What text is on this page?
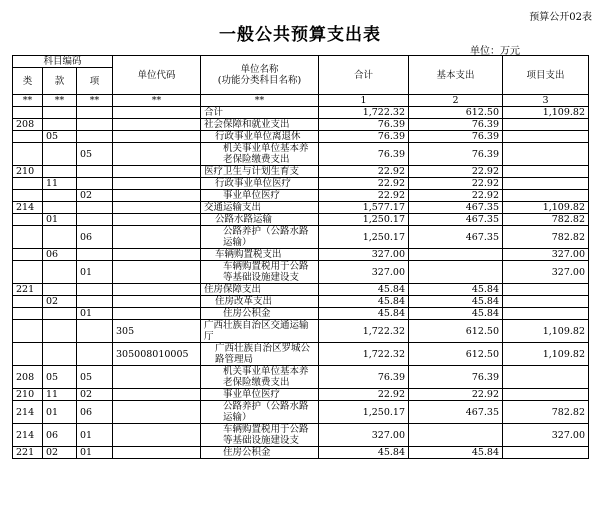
预算公开02表
一般公共预算支出表
单位：万元
科目编码			单位代码	单位名称
(功能分类科目名称)	合计	基本支出	项目支出
类	款	项					
**	**	**	**	**	1	2	3
				合计	1,722.32	612.50	1,109.82
208				社会保障和就业支出	76.39	76.39	
	05			行政事业单位离退休	76.39	76.39	
		05		机关事业单位基本养老保险缴费支出	76.39	76.39	
210				医疗卫生与计划生育支	22.92	22.92	
	11			行政事业单位医疗	22.92	22.92	
		02		事业单位医疗	22.92	22.92	
214				交通运输支出	1,577.17	467.35	1,109.82
	01			公路水路运输	1,250.17	467.35	782.82
		06		公路养护（公路水路运输）	1,250.17	467.35	782.82
	06			车辆购置税支出	327.00		327.00
		01		车辆购置税用于公路等基础设施建设支	327.00		327.00
221				住房保障支出	45.84	45.84	
	02			住房改革支出	45.84	45.84	
		01		住房公积金	45.84	45.84	
			305	广西壮族自治区交通运输厅	1,722.32	612.50	1,109.82
			305008010005	广西壮族自治区罗城公路管理局	1,722.32	612.50	1,109.82
208	05	05		机关事业单位基本养老保险缴费支出	76.39	76.39	
210	11	02		事业单位医疗	22.92	22.92	
214	01	06		公路养护（公路水路运输）	1,250.17	467.35	782.82
214	06	01		车辆购置税用于公路等基础设施建设支	327.00		327.00
221	02	01		住房公积金	45.84	45.84	
